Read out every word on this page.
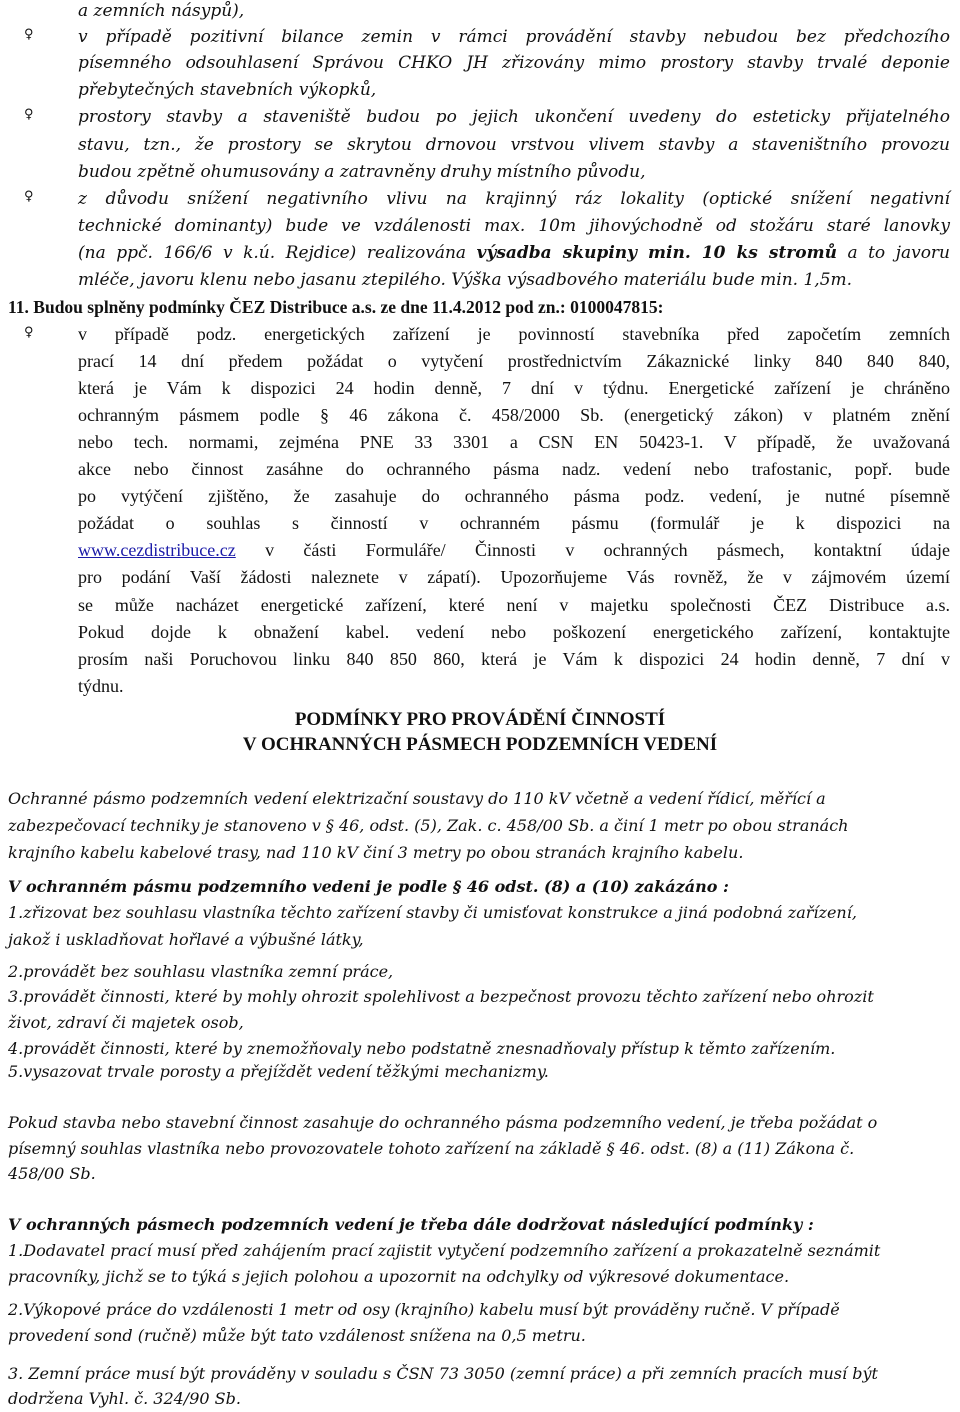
a zemních násypů),
♀	v případě pozitivní bilance zemin v rámci provádění stavby nebudou bez předchozího
písemného odsouhlasení Správou CHKO JH zřizovány mimo prostory stavby trvalé deponie
přebytečných stavebních výkopků,
♀	prostory stavby a staveniště budou po jejich ukončení uvedeny do esteticky přijatelného
stavu, tzn., že prostory se skrytou drnovou vrstvou vlivem stavby a staveništního provozu
budou zpětně ohumusovány a zatravněny druhy místního původu,
♀	z důvodu snížení negativního vlivu na krajinný ráz lokality (optické snížení negativní
technické dominanty) bude ve vzdálenosti max. 10m jihovýchodně od stožáru staré lanovky
(na ppč. 166/6 v k.ú. Rejdice) realizována výsadba skupiny min. 10 ks stromů a to javoru
mléče, javoru klenu nebo jasanu ztepilého. Výška výsadbového materiálu bude min. 1,5m.
11. Budou splněny podmínky ČEZ Distribuce a.s. ze dne 11.4.2012 pod zn.: 0100047815:
♀ v případě podz. energetických zařízení je povinností stavebníka před započetím zemních
prací 14 dní předem požádat o vytyčení prostřednictvím Zákaznické linky 840 840 840,
která je Vám k dispozici 24 hodin denně, 7 dní v týdnu. Energetické zařízení je chráněno
ochranným pásmem podle § 46 zákona č. 458/2000 Sb. (energetický zákon) v platném znění
nebo tech. normami, zejména PNE 33 3301 a CSN EN 50423-1. V případě, že uvažovaná
akce nebo činnost zasáhne do ochranného pásma nadz. vedení nebo trafostanic, popř. bude
po vytýčení zjištěno, že zasahuje do ochranného pásma podz. vedení, je nutné písemně
požádat o souhlas s činností v ochranném pásmu (formulář je k dispozici na
www.cezdistribuce.cz v části Formuláře/ Činnosti v ochranných pásmech, kontaktní údaje
pro podání Vaší žádosti naleznete v zápatí). Upozorňujeme Vás rovněž, že v zájmovém území
se může nacházet energetické zařízení, které není v majetku společnosti ČEZ Distribuce a.s.
Pokud dojde k obnažení kabel. vedení nebo poškození energetického zařízení, kontaktujte
prosím naši Poruchovou linku 840 850 860, která je Vám k dispozici 24 hodin denně, 7 dní v
týdnu.
PODMÍNKY PRO PROVÁDĚNÍ ČINNOSTÍ
V OCHRANNÝCH PÁSMECH PODZEMNÍCH VEDENÍ
Ochranné pásmo podzemních vedení elektrizační soustavy do 110 kV včetně a vedení řídicí, měřící a
zabezpečovací techniky je stanoveno v § 46, odst. (5), Zak. c. 458/00 Sb. a činí 1 metr po obou stranách
krajního kabelu kabelové trasy, nad 110 kV činí 3 metry po obou stranách krajního kabelu.
V ochranném pásmu podzemního vedeni je podle § 46 odst. (8) a (10) zakázáno :
1.zřizovat bez souhlasu vlastníka těchto zařízení stavby či umisťovat konstrukce a jiná podobná zařízení,
jakož i uskladňovat hořlavé a výbušné látky,
2.provádět bez souhlasu vlastníka zemní práce,
3.provádět činnosti, které by mohly ohrozit spolehlivost a bezpečnost provozu těchto zařízení nebo ohrozit
život, zdraví či majetek osob,
4.provádět činnosti, které by znemožňovaly nebo podstatně znesnadňovaly přístup k těmto zařízením.
5.vysazovat trvale porosty a přejíždět vedení těžkými mechanizmy.
Pokud stavba nebo stavební činnost zasahuje do ochranného pásma podzemního vedení, je třeba požádat o
písemný souhlas vlastníka nebo provozovatele tohoto zařízení na základě § 46. odst. (8) a (11) Zákona č.
458/00 Sb.
V ochranných pásmech podzemních vedení je třeba dále dodržovat následující podmínky :
1.Dodavatel prací musí před zahájením prací zajistit vytyčení podzemního zařízení a prokazatelně seznámit
pracovníky, jichž se to týká s jejich polohou a upozornit na odchylky od výkresové dokumentace.
2.Výkopové práce do vzdálenosti 1 metr od osy (krajního) kabelu musí být prováděny ručně. V případě
provedení sond (ručně) může být tato vzdálenost snížena na 0,5 metru.
3. Zemní práce musí být prováděny v souladu s ČSN 73 3050 (zemní práce) a při zemních pracích musí být
dodržena Vyhl. č. 324/90 Sb.
